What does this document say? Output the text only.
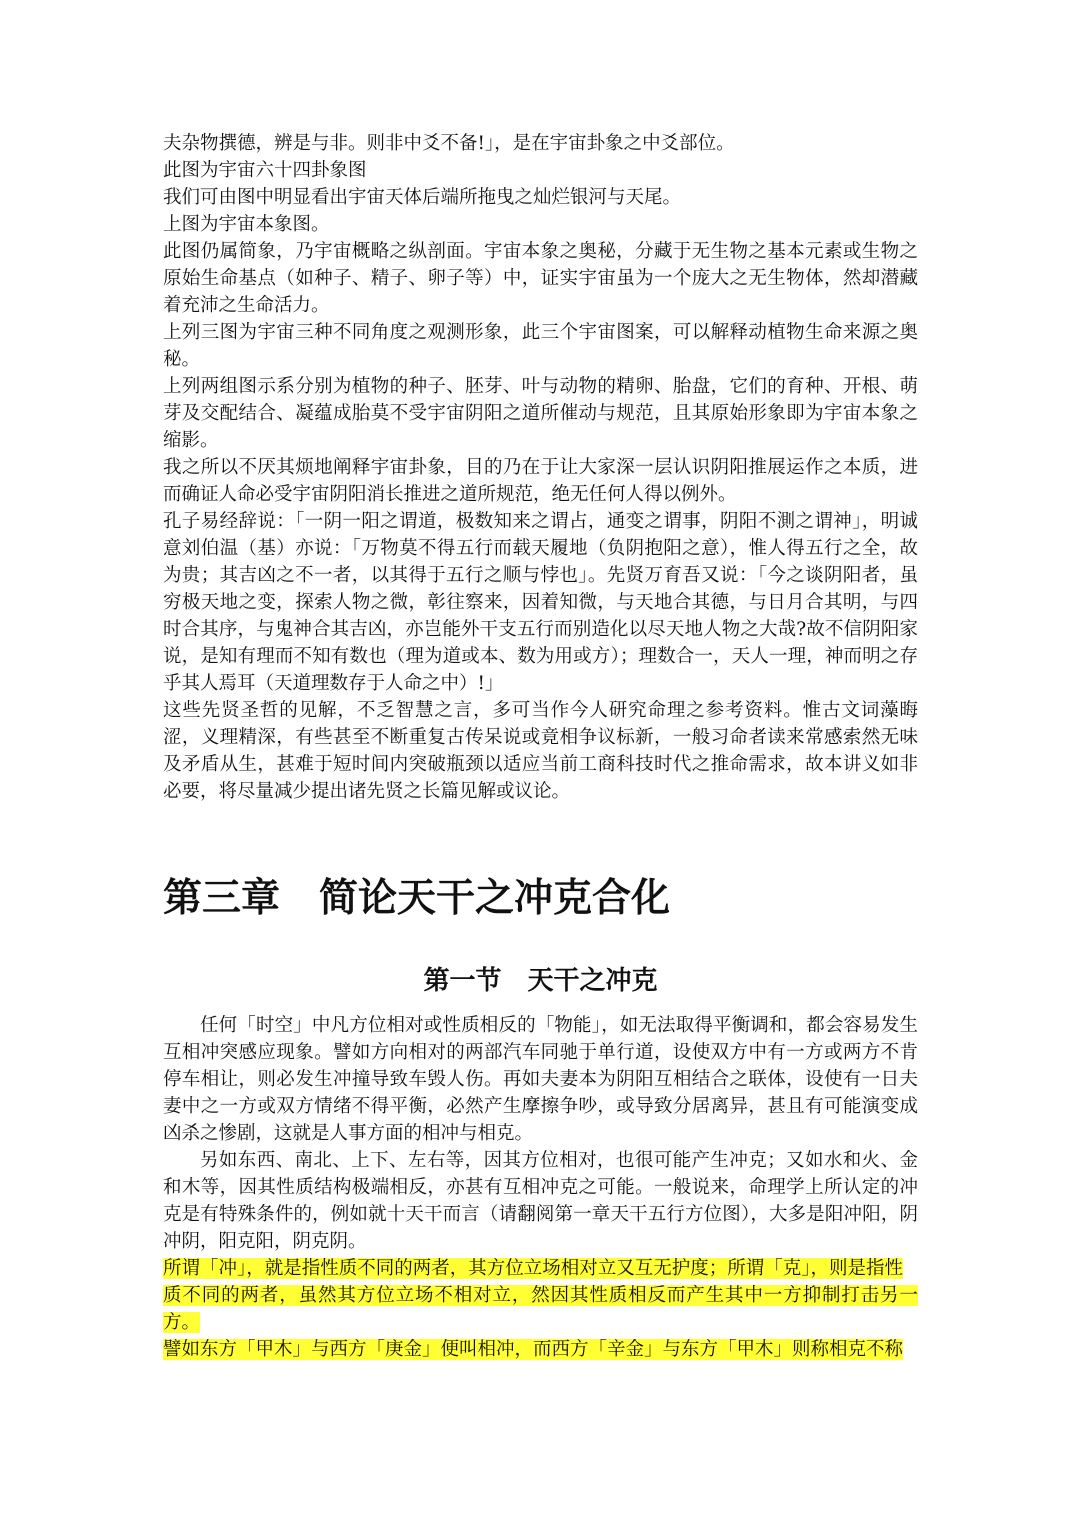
夫杂物撰德，辨是与非。则非中爻不备!」，是在宇宙卦象之中爻部位。

此图为宇宙六十四卦象图

我们可由图中明显看出宇宙天体后端所拖曳之灿烂银河与天尾。

上图为宇宙本象图。

此图仍属简象，乃宇宙概略之纵剖面。宇宙本象之奥秘，分藏于无生物之基本元素或生物之原始生命基点（如种子、精子、卵子等）中，证实宇宙虽为一个庞大之无生物体，然却潜藏着充沛之生命活力。

上列三图为宇宙三种不同角度之观测形象，此三个宇宙图案，可以解释动植物生命来源之奥秘。

上列两组图示系分别为植物的种子、胚芽、叶与动物的精卵、胎盘，它们的育种、开根、萌芽及交配结合、凝蕴成胎莫不受宇宙阴阳之道所催动与规范，且其原始形象即为宇宙本象之缩影。

我之所以不厌其烦地阐释宇宙卦象，目的乃在于让大家深一层认识阴阳推展运作之本质，进而确证人命必受宇宙阴阳消长推进之道所规范，绝无任何人得以例外。

孔子易经辞说：「一阴一阳之谓道，极数知来之谓占，通变之谓事，阴阳不測之谓神」，明诚意刘伯温（基）亦说：「万物莫不得五行而载天履地（负阴抱阳之意），惟人得五行之全，故为贵；其吉凶之不一者，以其得于五行之顺与悖也」。先贤万育吾又说：「今之谈阴阳者，虽穷极天地之变，探索人物之微，彰往察来，因着知微，与天地合其德，与日月合其明，与四时合其序，与鬼神合其吉凶，亦岂能外干支五行而别造化以尽天地人物之大哉?故不信阴阳家说，是知有理而不知有数也（理为道或本、数为用或方）；理数合一，天人一理，神而明之存乎其人焉耳（天道理数存于人命之中）!」

这些先贤圣哲的见解，不乏智慧之言，多可当作今人研究命理之参考资料。惟古文词藻晦涩，义理精深，有些甚至不断重复古传呆说或竟相争议标新，一般习命者读来常感索然无味及矛盾从生，甚难于短时间内突破瓶颈以适应当前工商科技时代之推命需求，故本讲义如非必要，将尽量减少提出诸先贤之长篇见解或议论。

第三章　简论天干之冲克合化
第一节　天干之冲克

任何「时空」中凡方位相对或性质相反的「物能」，如无法取得平衡调和，都会容易发生互相冲突感应现象。譬如方向相对的两部汽车同驰于单行道，设使双方中有一方或两方不肯停车相让，则必发生冲撞导致车毁人伤。再如夫妻本为阴阳互相结合之联体，设使有一日夫妻中之一方或双方情绪不得平衡，必然产生摩擦争吵，或导致分居离异，甚且有可能演变成凶杀之惨剧，这就是人事方面的相冲与相克。

另如东西、南北、上下、左右等，因其方位相对，也很可能产生冲克；又如水和火、金和木等，因其性质结构极端相反，亦甚有互相冲克之可能。一般说来，命理学上所认定的冲克是有特殊条件的，例如就十天干而言（请翻阅第一章天干五行方位图），大多是阳冲阳，阴冲阴，阳克阳，阴克阴。

所谓「冲」，就是指性质不同的两者，其方位立场相对立又互无护度；所谓「克」，则是指性
质不同的两者，虽然其方位立场不相对立，然因其性质相反而产生其中一方抑制打击另一方。
譬如东方「甲木」与西方「庚金」便叫相冲，而西方「辛金」与东方「甲木」则称相克不称
